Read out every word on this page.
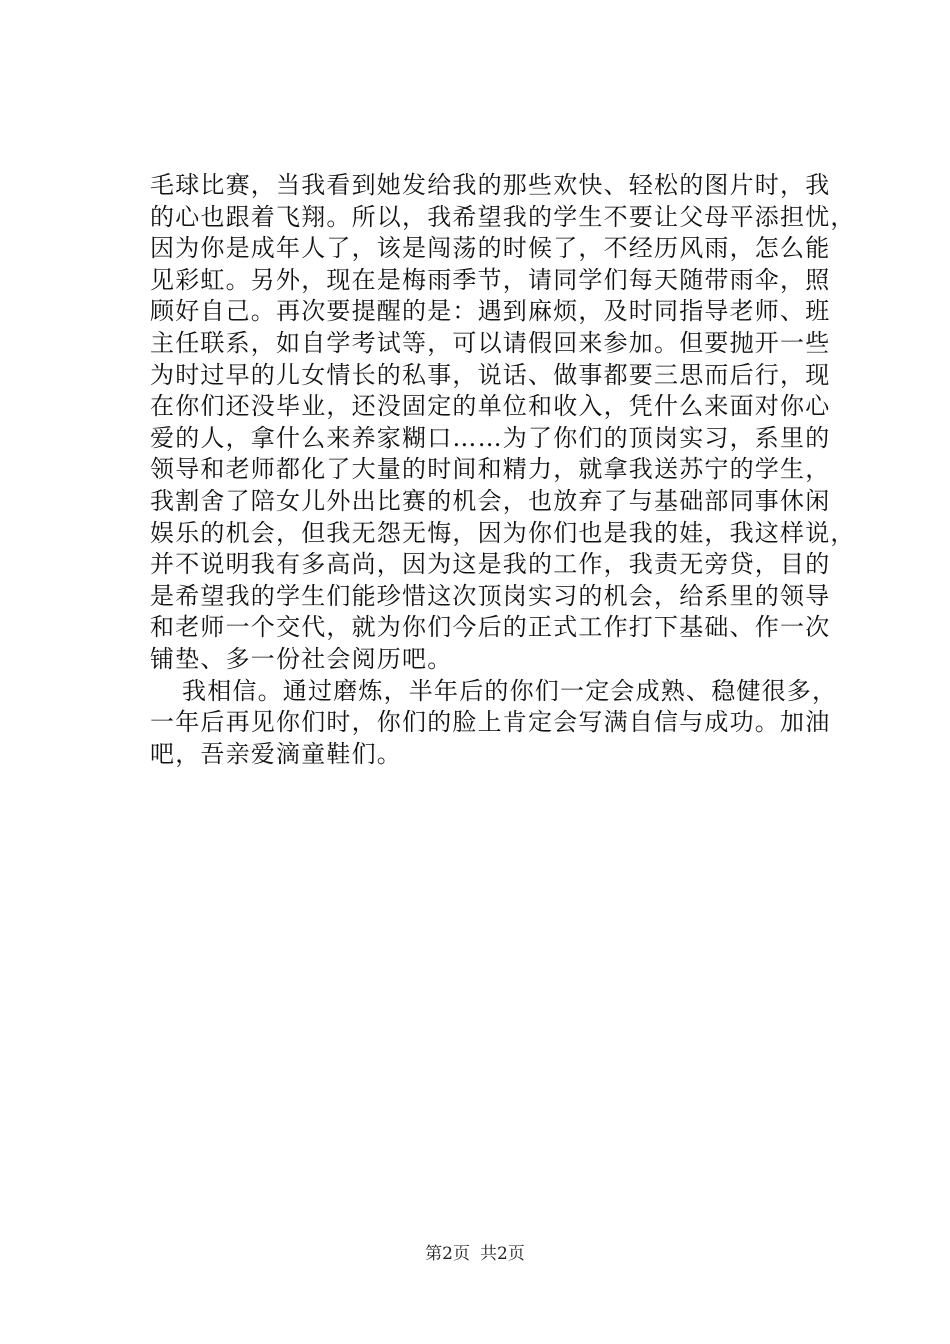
毛球比赛，当我看到她发给我的那些欢快、轻松的图片时，我
的心也跟着飞翔。所以，我希望我的学生不要让父母平添担忧，
因为你是成年人了，该是闯荡的时候了，不经历风雨，怎么能
见彩虹。另外，现在是梅雨季节，请同学们每天随带雨伞，照
顾好自己。再次要提醒的是：遇到麻烦，及时同指导老师、班
主任联系，如自学考试等，可以请假回来参加。但要抛开一些
为时过早的儿女情长的私事，说话、做事都要三思而后行，现
在你们还没毕业，还没固定的单位和收入，凭什么来面对你心
爱的人，拿什么来养家糊口……为了你们的顶岗实习，系里的
领导和老师都化了大量的时间和精力，就拿我送苏宁的学生，
我割舍了陪女儿外出比赛的机会，也放弃了与基础部同事休闲
娱乐的机会，但我无怨无悔，因为你们也是我的娃，我这样说，
并不说明我有多高尚，因为这是我的工作，我责无旁贷，目的
是希望我的学生们能珍惜这次顶岗实习的机会，给系里的领导
和老师一个交代，就为你们今后的正式工作打下基础、作一次
铺垫、多一份社会阅历吧。
我相信。通过磨炼，半年后的你们一定会成熟、稳健很多，
一年后再见你们时，你们的脸上肯定会写满自信与成功。加油
吧，吾亲爱滴童鞋们。
第2页 共2页
